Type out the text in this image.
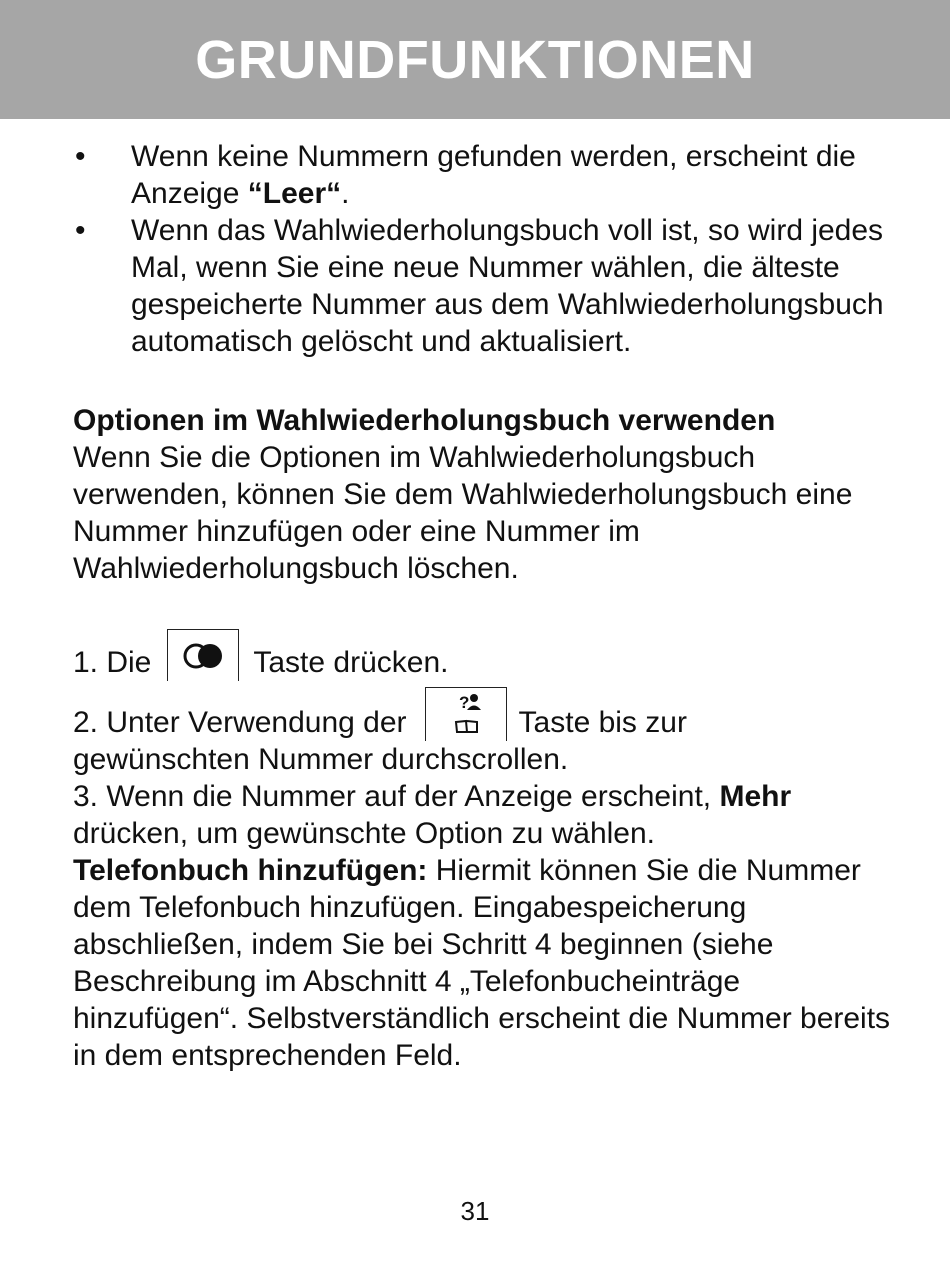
GRUNDFUNKTIONEN

• Wenn keine Nummern gefunden werden, erscheint die Anzeige “Leer“.

• Wenn das Wahlwiederholungsbuch voll ist, so wird jedes Mal, wenn Sie eine neue Nummer wählen, die älteste gespeicherte Nummer aus dem Wahlwiederholungsbuch automatisch gelöscht und aktualisiert.

Optionen im Wahlwiederholungsbuch verwenden

Wenn Sie die Optionen im Wahlwiederholungsbuch verwenden, können Sie dem Wahlwiederholungsbuch eine Nummer hinzufügen oder eine Nummer im Wahlwiederholungsbuch löschen.

1. Die	Taste drücken.
2. Unter Verwendung der
?
Taste bis zur

gewünschten Nummer durchscrollen.

3. Wenn die Nummer auf der Anzeige erscheint, Mehr drücken, um gewünschte Option zu wählen.

Telefonbuch hinzufügen: Hiermit können Sie die Nummer dem Telefonbuch hinzufügen. Eingabespeicherung abschließen, indem Sie bei Schritt 4 beginnen (siehe Beschreibung im Abschnitt 4 „Telefonbucheinträge hinzufügen“. Selbstverständlich erscheint die Nummer bereits in dem entsprechenden Feld.

31
